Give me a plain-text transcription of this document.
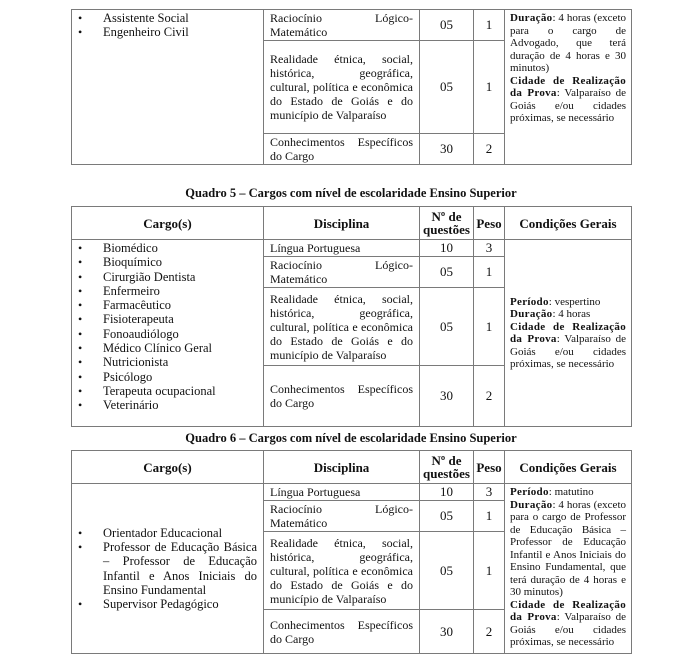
• Assistente Social
• Engenheiro Civil
	Raciocínio Lógico-Matemático	05	1	Duração: 4 horas (exceto para o cargo de Advogado, que terá duração de 4 horas e 30 minutos)
Cidade de Realização da Prova: Valparaíso de Goiás e/ou cidades próximas, se necessário
	Realidade étnica, social, histórica, geográfica, cultural, política e econômica do Estado de Goiás e do município de Valparaíso	05	1	
	Conhecimentos Específicos do Cargo	30	2	
Quadro 5 – Cargos com nível de escolaridade Ensino Superior
Cargo(s)	Disciplina	Nº de questões	Peso	Condições Gerais

• Biomédico
• Bioquímico
• Cirurgião Dentista
• Enfermeiro
• Farmacêutico
• Fisioterapeuta
• Fonoaudiólogo
• Médico Clínico Geral
• Nutricionista
• Psicólogo
• Terapeuta ocupacional
• Veterinário
	Língua Portuguesa	10	3	Período: vespertino
Duração: 4 horas
Cidade de Realização da Prova: Valparaíso de Goiás e/ou cidades próximas, se necessário
	Raciocínio Lógico-Matemático	05	1	
	Realidade étnica, social, histórica, geográfica, cultural, política e econômica do Estado de Goiás e do município de Valparaíso	05	1	
	Conhecimentos Específicos do Cargo	30	2	
Quadro 6 – Cargos com nível de escolaridade Ensino Superior
Cargo(s)	Disciplina	Nº de questões	Peso	Condições Gerais

• Orientador Educacional
• Professor de Educação Básica – Professor de Educação Infantil e Anos Iniciais do Ensino Fundamental
• Supervisor Pedagógico
	Língua Portuguesa	10	3	Período: matutino
Duração: 4 horas (exceto para o cargo de Professor de Educação Básica – Professor de Educação Infantil e Anos Iniciais do Ensino Fundamental, que terá duração de 4 horas e 30 minutos)
Cidade de Realização da Prova: Valparaíso de Goiás e/ou cidades próximas, se necessário
	Raciocínio Lógico-Matemático	05	1	
	Realidade étnica, social, histórica, geográfica, cultural, política e econômica do Estado de Goiás e do município de Valparaíso	05	1	
	Conhecimentos Específicos do Cargo	30	2	
